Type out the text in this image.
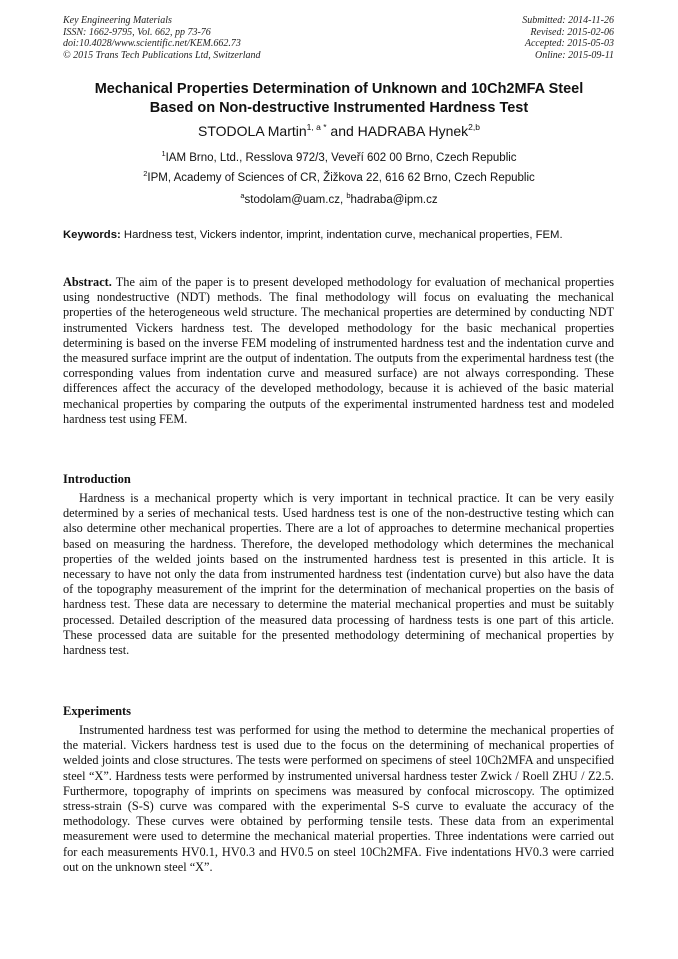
Key Engineering Materials
ISSN: 1662-9795, Vol. 662, pp 73-76
doi:10.4028/www.scientific.net/KEM.662.73
© 2015 Trans Tech Publications Ltd, Switzerland
Submitted: 2014-11-26
Revised: 2015-02-06
Accepted: 2015-05-03
Online: 2015-09-11
Mechanical Properties Determination of Unknown and 10Ch2MFA Steel
Based on Non-destructive Instrumented Hardness Test
STODOLA Martin$^{1, a *}$ and HADRABA Hynek$^{2,b}$
$^1$IAM Brno, Ltd., Resslova 972/3, Veveří 602 00 Brno, Czech Republic
$^2$IPM, Academy of Sciences of CR, Žižkova 22, 616 62 Brno, Czech Republic
$^a$stodolam@uam.cz, $^b$hadraba@ipm.cz
Keywords: Hardness test, Vickers indentor, imprint, indentation curve, mechanical properties, FEM.
Abstract. The aim of the paper is to present developed methodology for evaluation of mechanical properties using nondestructive (NDT) methods. The final methodology will focus on evaluating the mechanical properties of the heterogeneous weld structure. The mechanical properties are determined by conducting NDT instrumented Vickers hardness test. The developed methodology for the basic mechanical properties determining is based on the inverse FEM modeling of instrumented hardness test and the indentation curve and the measured surface imprint are the output of indentation. The outputs from the experimental hardness test (the corresponding values from indentation curve and measured surface) are not always corresponding. These differences affect the accuracy of the developed methodology, because it is achieved of the basic material mechanical properties by comparing the outputs of the experimental instrumented hardness test and modeled hardness test using FEM.
Introduction
Hardness is a mechanical property which is very important in technical practice. It can be very easily determined by a series of mechanical tests. Used hardness test is one of the non-destructive testing which can also determine other mechanical properties. There are a lot of approaches to determine mechanical properties based on measuring the hardness. Therefore, the developed methodology which determines the mechanical properties of the welded joints based on the instrumented hardness test is presented in this article. It is necessary to have not only the data from instrumented hardness test (indentation curve) but also have the data of the topography measurement of the imprint for the determination of mechanical properties on the basis of hardness test. These data are necessary to determine the material mechanical properties and must be suitably processed. Detailed description of the measured data processing of hardness tests is one part of this article. These processed data are suitable for the presented methodology determining of mechanical properties by hardness test.
Experiments
Instrumented hardness test was performed for using the method to determine the mechanical properties of the material. Vickers hardness test is used due to the focus on the determining of mechanical properties of welded joints and close structures. The tests were performed on specimens of steel 10Ch2MFA and unspecified steel “X”. Hardness tests were performed by instrumented universal hardness tester Zwick / Roell ZHU / Z2.5. Furthermore, topography of imprints on specimens was measured by confocal microscopy. The optimized stress-strain (S-S) curve was compared with the experimental S-S curve to evaluate the accuracy of the methodology. These curves were obtained by performing tensile tests. These data from an experimental measurement were used to determine the mechanical material properties. Three indentations were carried out for each measurements HV0.1, HV0.3 and HV0.5 on steel 10Ch2MFA. Five indentations HV0.3 were carried out on the unknown steel “X”.
